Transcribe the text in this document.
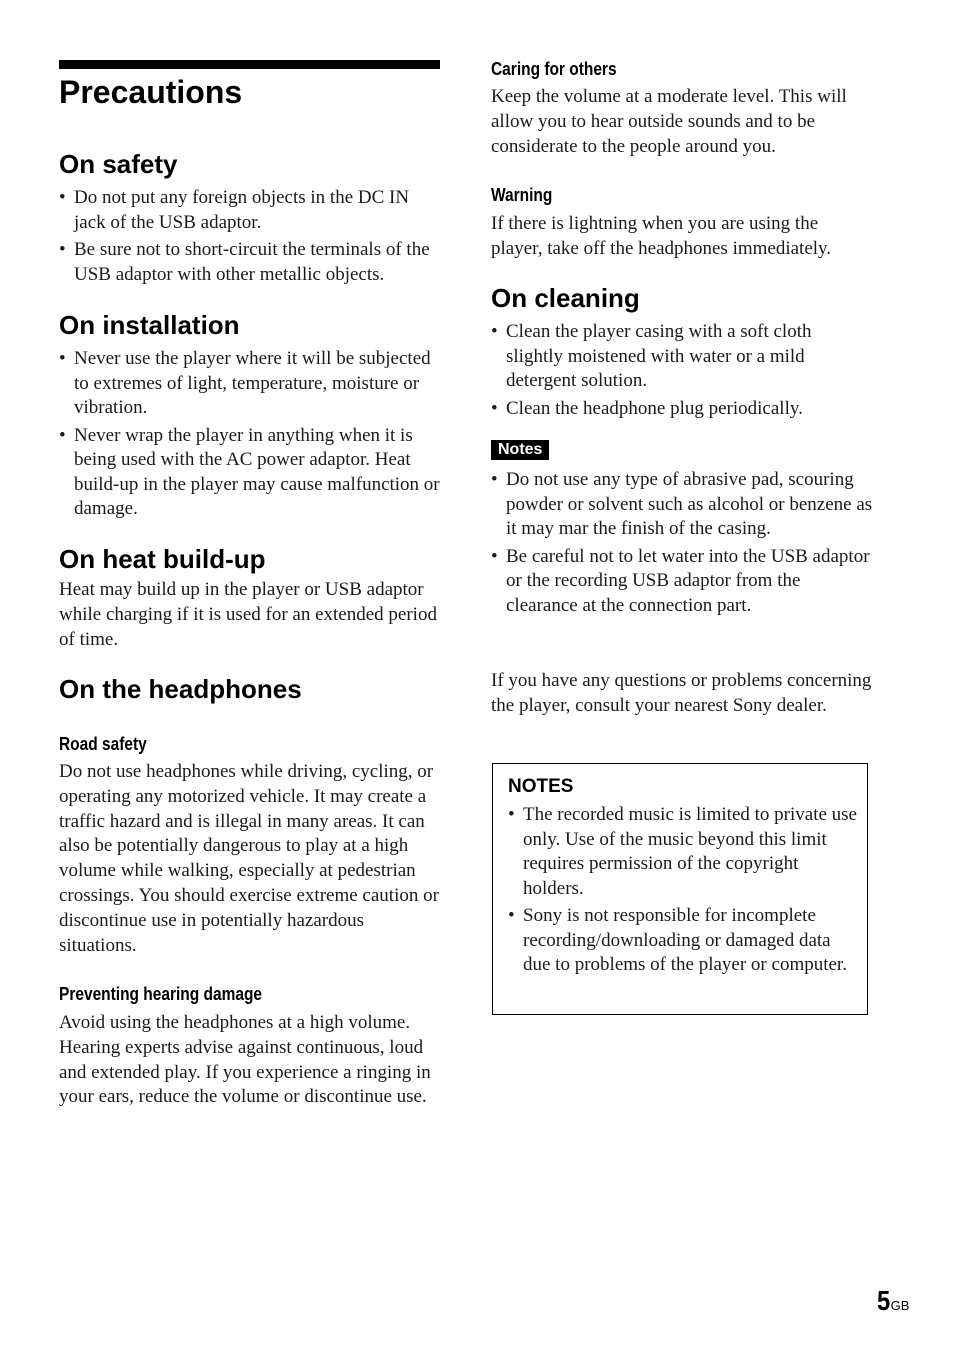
Precautions
On safety
• Do not put any foreign objects in the DC IN jack of the USB adaptor.
• Be sure not to short-circuit the terminals of the USB adaptor with other metallic objects.
On installation
• Never use the player where it will be subjected to extremes of light, temperature, moisture or vibration.
• Never wrap the player in anything when it is being used with the AC power adaptor. Heat build-up in the player may cause malfunction or damage.
On heat build-up

Heat may build up in the player or USB adaptor while charging if it is used for an extended period of time.

On the headphones
Road safety

Do not use headphones while driving, cycling, or operating any motorized vehicle. It may create a traffic hazard and is illegal in many areas. It can also be potentially dangerous to play at a high volume while walking, especially at pedestrian crossings. You should exercise extreme caution or discontinue use in potentially hazardous situations.

Preventing hearing damage

Avoid using the headphones at a high volume. Hearing experts advise against continuous, loud and extended play. If you experience a ringing in your ears, reduce the volume or discontinue use.

Caring for others

Keep the volume at a moderate level. This will allow you to hear outside sounds and to be considerate to the people around you.

Warning

If there is lightning when you are using the player, take off the headphones immediately.

On cleaning
• Clean the player casing with a soft cloth slightly moistened with water or a mild detergent solution.
• Clean the headphone plug periodically.
Notes
• Do not use any type of abrasive pad, scouring powder or solvent such as alcohol or benzene as it may mar the finish of the casing.
• Be careful not to let water into the USB adaptor or the recording USB adaptor from the clearance at the connection part.

If you have any questions or problems concerning the player, consult your nearest Sony dealer.

NOTES

• The recorded music is limited to private use only. Use of the music beyond this limit requires permission of the copyright holders.
• Sony is not responsible for incomplete recording/downloading or damaged data due to problems of the player or computer.
5GB
